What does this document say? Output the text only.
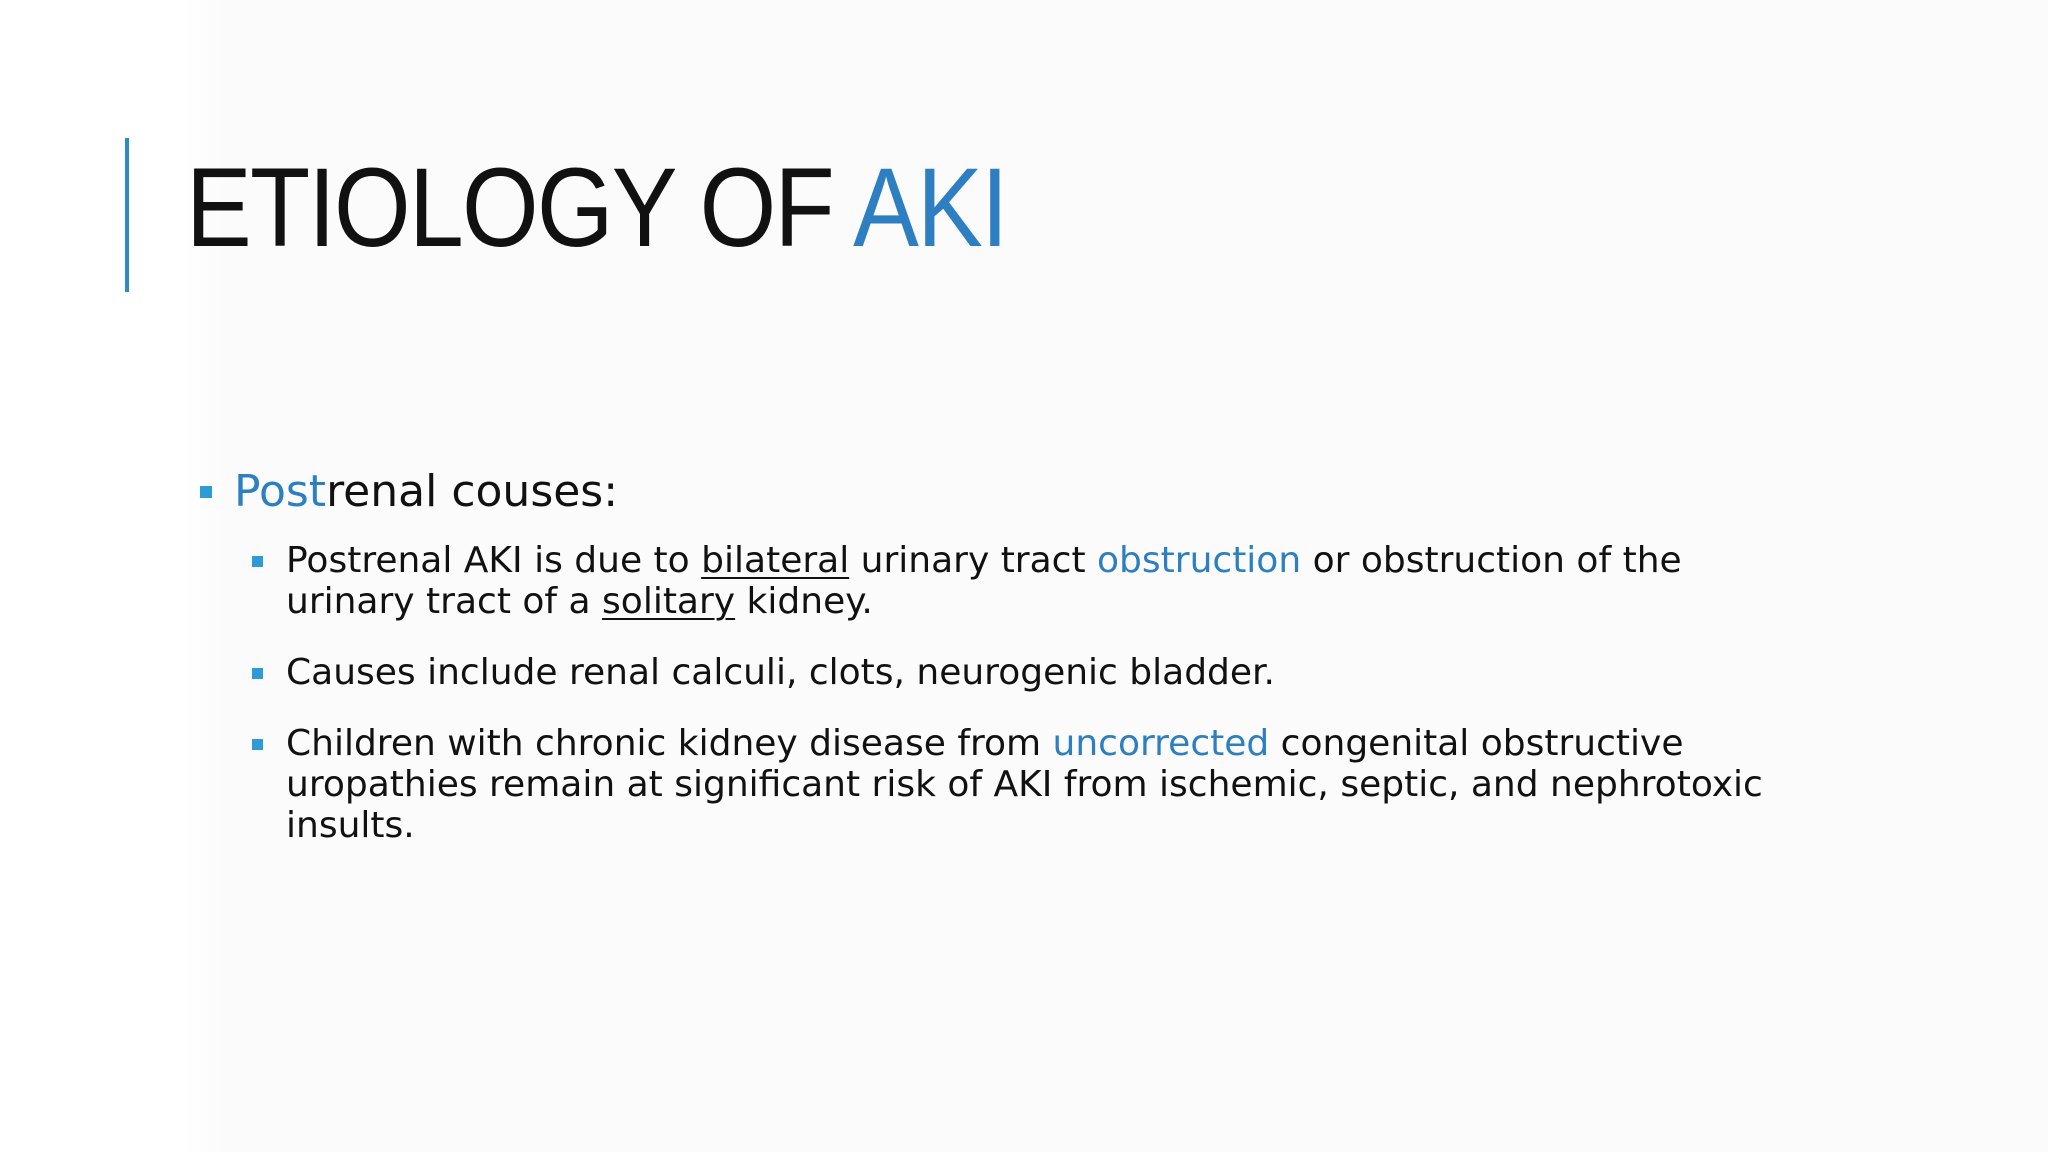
ETIOLOGY OF AKI
Postrenal couses:
Postrenal AKI is due to bilateral urinary tract obstruction or obstruction of the urinary tract of a solitary kidney.
Causes include renal calculi, clots, neurogenic bladder.
Children with chronic kidney disease from uncorrected congenital obstructive uropathies remain at significant risk of AKI from ischemic, septic, and nephrotoxic insults.
